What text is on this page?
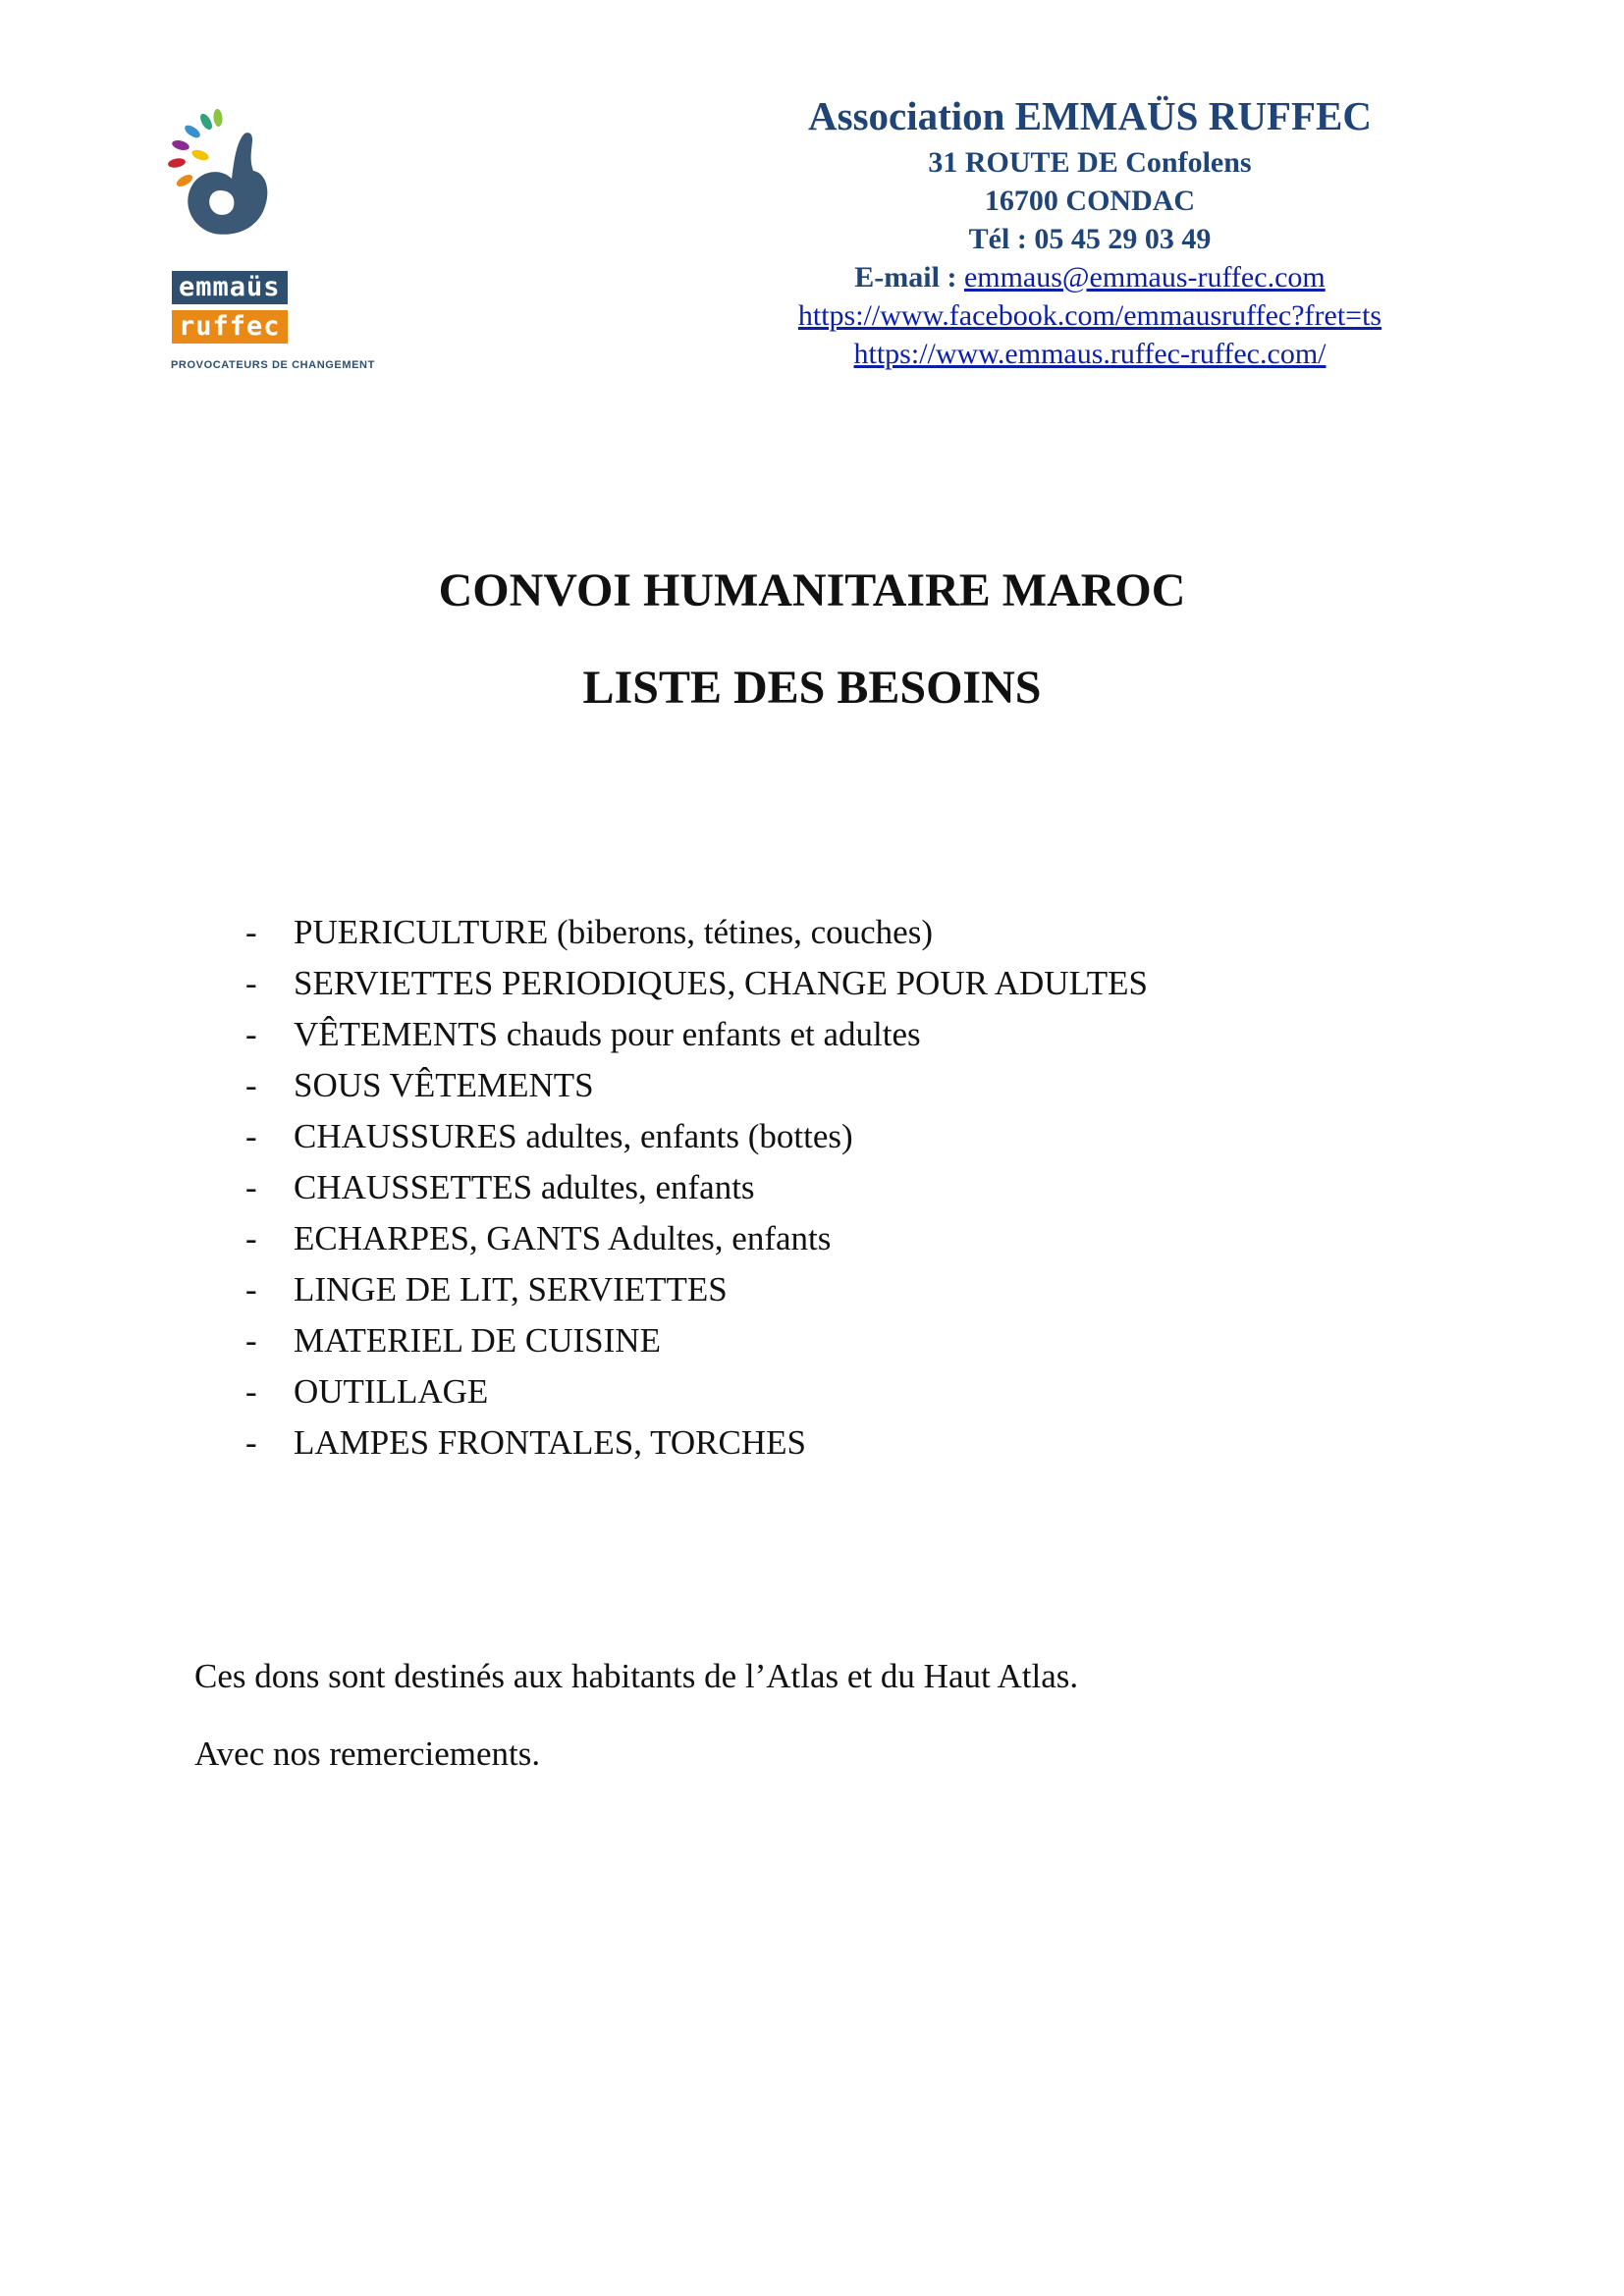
emmaüs
ruffec
PROVOCATEURS DE CHANGEMENT
Association EMMAÜS RUFFEC
31 ROUTE DE Confolens
16700 CONDAC
Tél : 05 45 29 03 49
E-mail : emmaus@emmaus-ruffec.com
https://www.facebook.com/emmausruffec?fret=ts
https://www.emmaus.ruffec-ruffec.com/
CONVOI HUMANITAIRE MAROC
LISTE DES BESOINS
- PUERICULTURE (biberons, tétines, couches)
- SERVIETTES PERIODIQUES, CHANGE POUR ADULTES
- VÊTEMENTS chauds pour enfants et adultes
- SOUS VÊTEMENTS
- CHAUSSURES adultes, enfants (bottes)
- CHAUSSETTES adultes, enfants
- ECHARPES, GANTS Adultes, enfants
- LINGE DE LIT, SERVIETTES
- MATERIEL DE CUISINE
- OUTILLAGE
- LAMPES FRONTALES, TORCHES
Ces dons sont destinés aux habitants de l’Atlas et du Haut Atlas.
Avec nos remerciements.
